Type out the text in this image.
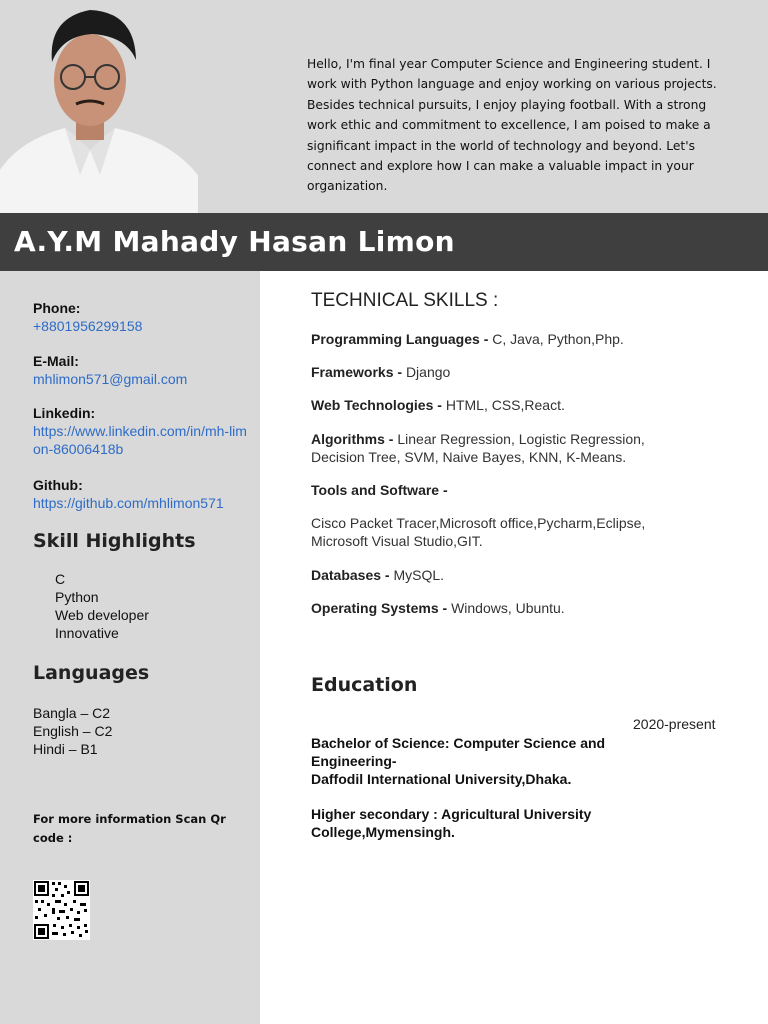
Hello, I'm final year Computer Science and Engineering student. I work with Python language and enjoy working on various projects. Besides technical pursuits, I enjoy playing football. With a strong work ethic and commitment to excellence, I am poised to make a significant impact in the world of technology and beyond. Let's connect and explore how I can make a valuable impact in your organization.

A.Y.M Mahady Hasan Limon
Phone:
+8801956299158
E-Mail:
mhlimon571@gmail.com
Linkedin:
https://www.linkedin.com/in/mh-limon-86006418b
Github:
https://github.com/mhlimon571
Skill Highlights
C
Python
Web developer
Innovative
Languages
Bangla – C2
English – C2
Hindi – B1
For more information Scan Qr code :
TECHNICAL SKILLS :
Programming Languages - C, Java, Python,Php.
Frameworks - Django
Web Technologies - HTML, CSS,React.
Algorithms - Linear Regression, Logistic Regression, Decision Tree, SVM, Naive Bayes, KNN, K-Means.
Tools and Software -
Cisco Packet Tracer,Microsoft office,Pycharm,Eclipse, Microsoft Visual Studio,GIT.
Databases - MySQL.
Operating Systems - Windows, Ubuntu.
Education
2020-present
Bachelor of Science: Computer Science and Engineering-
Daffodil International University,Dhaka.
Higher secondary : Agricultural University College,Mymensingh.
